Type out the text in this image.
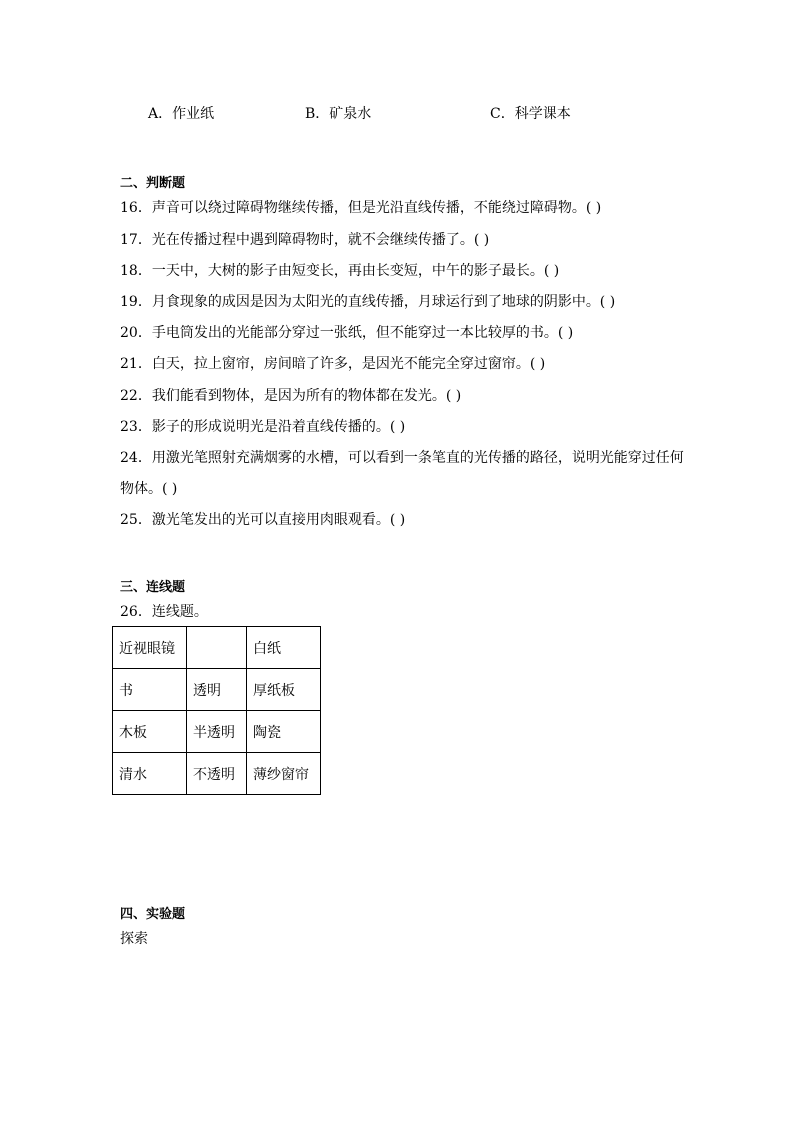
A．作业纸	B．矿泉水	C．科学课本
二、判断题
16．声音可以绕过障碍物继续传播，但是光沿直线传播，不能绕过障碍物。( )
17．光在传播过程中遇到障碍物时，就不会继续传播了。( )
18．一天中，大树的影子由短变长，再由长变短，中午的影子最长。( )
19．月食现象的成因是因为太阳光的直线传播，月球运行到了地球的阴影中。( )
20．手电筒发出的光能部分穿过一张纸，但不能穿过一本比较厚的书。( )
21．白天，拉上窗帘，房间暗了许多，是因光不能完全穿过窗帘。( )
22．我们能看到物体，是因为所有的物体都在发光。( )
23．影子的形成说明光是沿着直线传播的。( )
24．用激光笔照射充满烟雾的水槽，可以看到一条笔直的光传播的路径，说明光能穿过任何
物体。( )
25．激光笔发出的光可以直接用肉眼观看。( )
三、连线题
26．连线题。
近视眼镜		白纸
书	透明	厚纸板
木板	半透明	陶瓷
清水	不透明	薄纱窗帘
四、实验题
探索
